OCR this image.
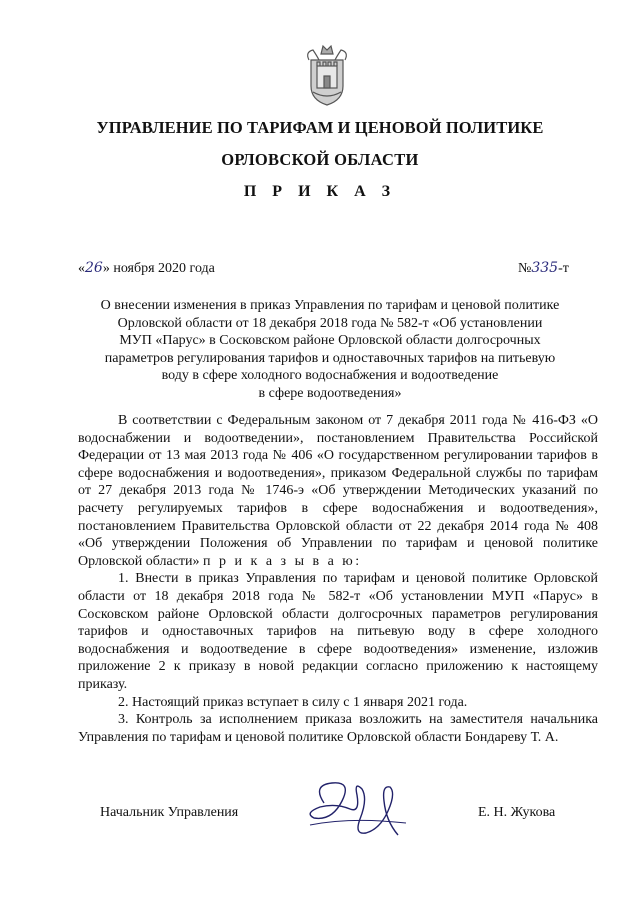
УПРАВЛЕНИЕ ПО ТАРИФАМ И ЦЕНОВОЙ ПОЛИТИКЕ
ОРЛОВСКОЙ ОБЛАСТИ
П Р И К А З
«26» ноября 2020 года	№335-т
О внесении изменения в приказ Управления по тарифам и ценовой политике
Орловской области от 18 декабря 2018 года № 582-т «Об установлении
МУП «Парус» в Сосковском районе Орловской области долгосрочных
параметров регулирования тарифов и одноставочных тарифов на питьевую
воду в сфере холодного водоснабжения и водоотведение
в сфере водоотведения»

В соответствии с Федеральным законом от 7 декабря 2011 года № 416-ФЗ «О водоснабжении и водоотведении», постановлением Правительства Российской Федерации от 13 мая 2013 года № 406 «О государственном регулировании тарифов в сфере водоснабжения и водоотведения», приказом Федеральной службы по тарифам от 27 декабря 2013 года № 1746-э «Об утверждении Методических указаний по расчету регулируемых тарифов в сфере водоснабжения и водоотведения», постановлением Правительства Орловской области от 22 декабря 2014 года № 408 «Об утверждении Положения об Управлении по тарифам и ценовой политике Орловской области» п р и к а з ы в а ю:

1. Внести в приказ Управления по тарифам и ценовой политике Орловской области от 18 декабря 2018 года № 582-т «Об установлении МУП «Парус» в Сосковском районе Орловской области долгосрочных параметров регулирования тарифов и одноставочных тарифов на питьевую воду в сфере холодного водоснабжения и водоотведение в сфере водоотведения» изменение, изложив приложение 2 к приказу в новой редакции согласно приложению к настоящему приказу.

2. Настоящий приказ вступает в силу с 1 января 2021 года.

3. Контроль за исполнением приказа возложить на заместителя начальника Управления по тарифам и ценовой политике Орловской области Бондареву Т. А.

Начальник Управления	Е. Н. Жукова
